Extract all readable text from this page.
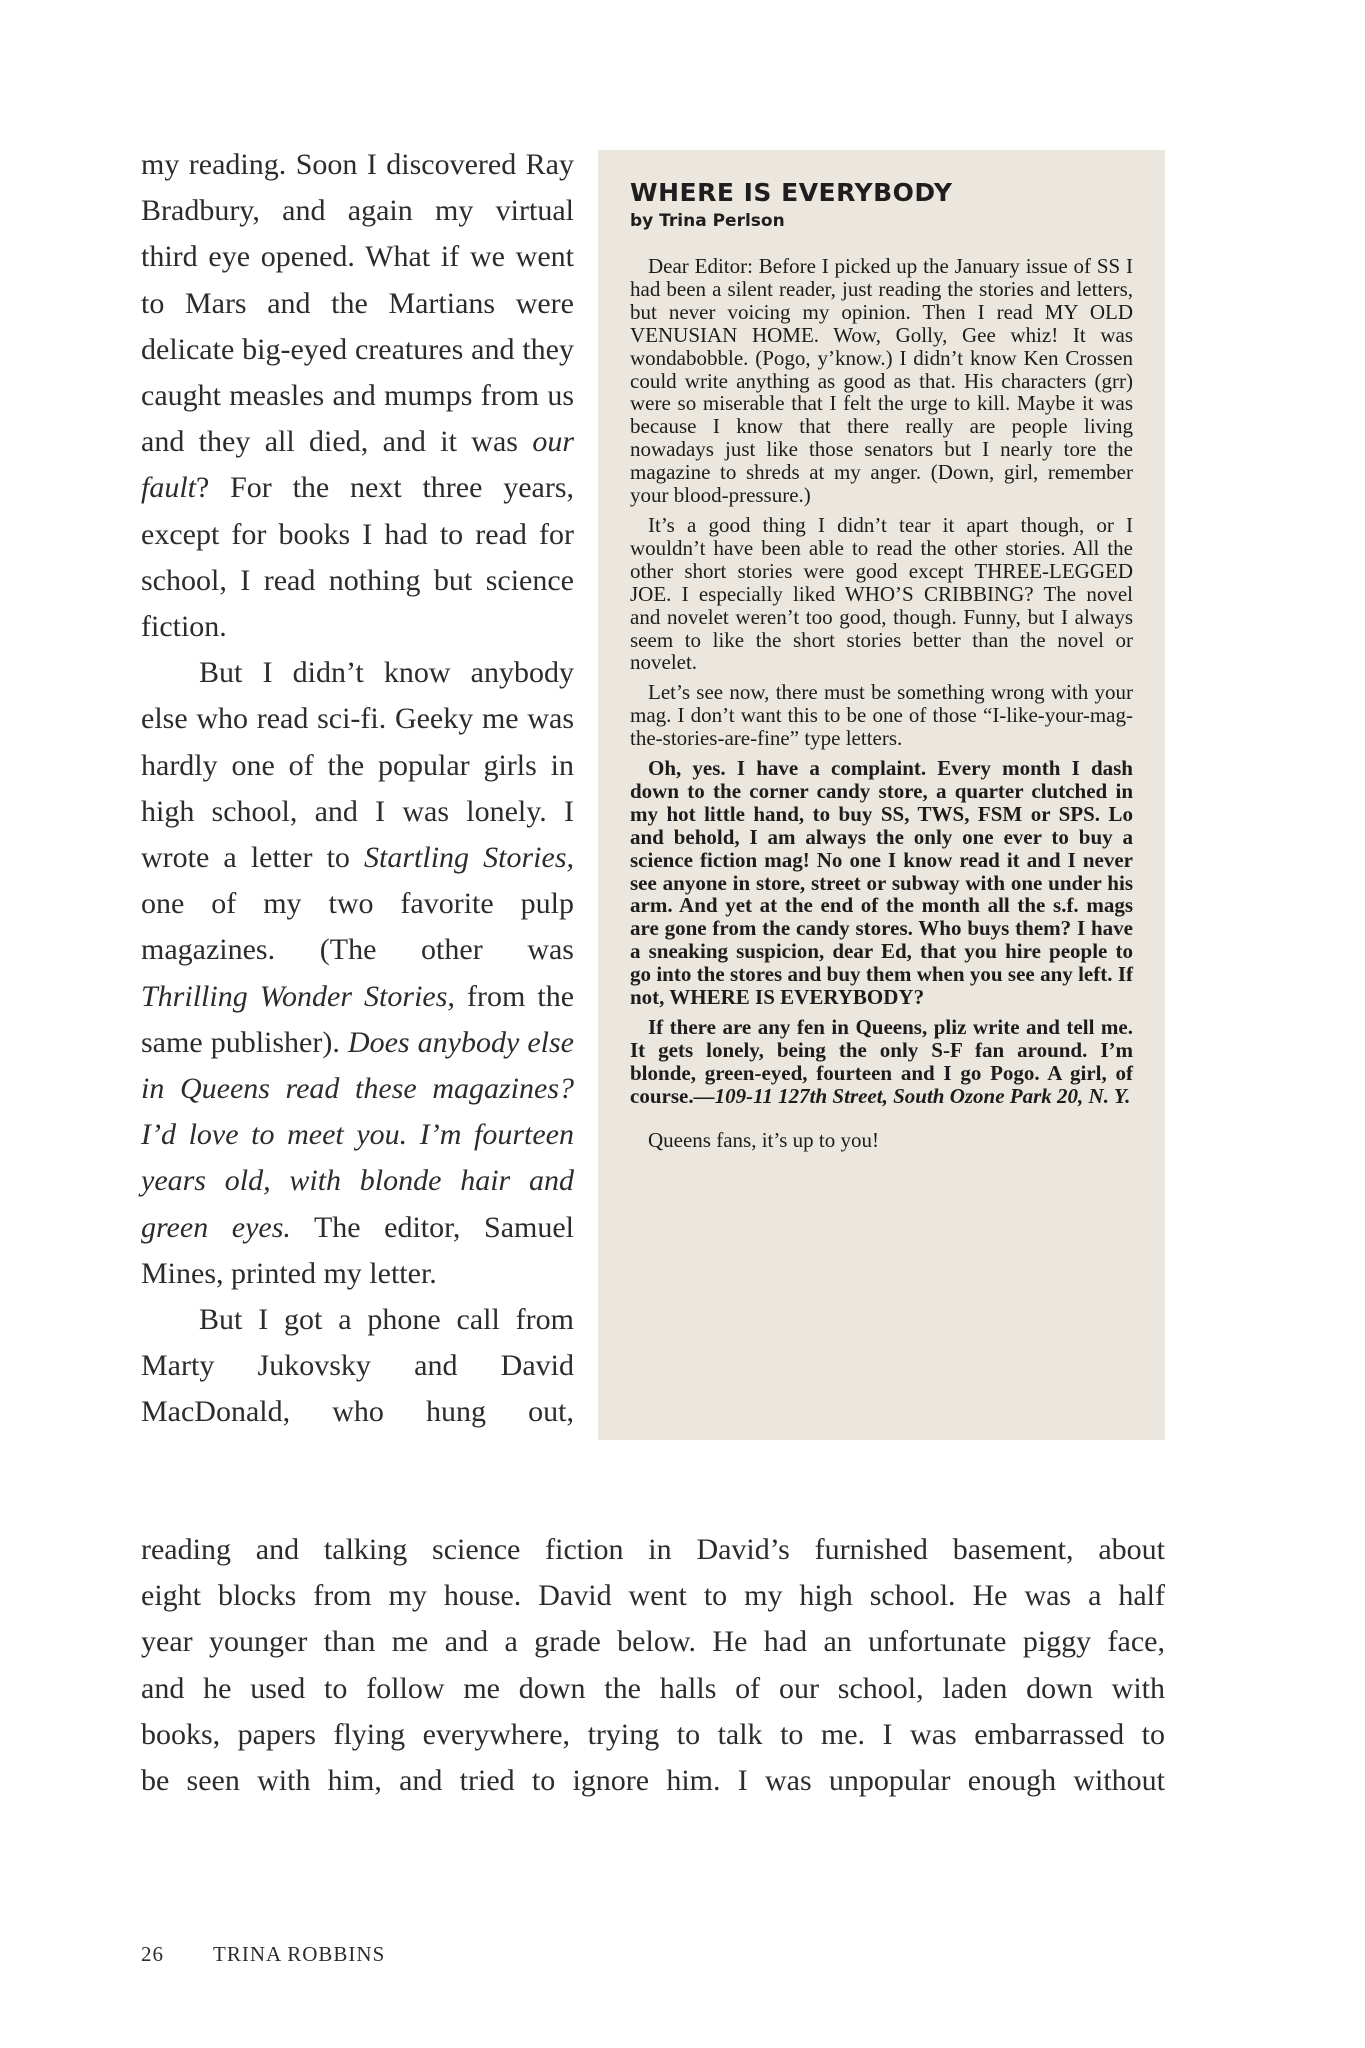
my reading. Soon I discovered Ray Bradbury, and again my virtual third eye opened. What if we went to Mars and the Martians were delicate big-eyed creatures and they caught measles and mumps from us and they all died, and it was our fault? For the next three years, except for books I had to read for school, I read nothing but science fiction.

But I didn’t know anybody else who read sci-fi. Geeky me was hardly one of the popular girls in high school, and I was lonely. I wrote a letter to Startling Stories, one of my two favorite pulp magazines. (The other was Thrilling Wonder Stories, from the same publisher). Does anybody else in Queens read these magazines? I’d love to meet you. I’m fourteen years old, with blonde hair and green eyes. The editor, Samuel Mines, printed my letter.

But I got a phone call from Marty Jukovsky and David MacDonald, who hung out,

WHERE IS EVERYBODY
by Trina Perlson

Dear Editor: Before I picked up the January issue of SS I had been a silent reader, just reading the stories and letters, but never voicing my opinion. Then I read MY OLD VENUSIAN HOME. Wow, Golly, Gee whiz! It was wondabobble. (Pogo, y’know.) I didn’t know Ken Crossen could write anything as good as that. His characters (grr) were so miserable that I felt the urge to kill. Maybe it was because I know that there really are people living nowadays just like those senators but I nearly tore the magazine to shreds at my anger. (Down, girl, remember your blood-pressure.)

It’s a good thing I didn’t tear it apart though, or I wouldn’t have been able to read the other stories. All the other short stories were good except THREE-LEGGED JOE. I especially liked WHO’S CRIBBING? The novel and novelet weren’t too good, though. Funny, but I always seem to like the short stories better than the novel or novelet.

Let’s see now, there must be something wrong with your mag. I don’t want this to be one of those “I-like-your-mag-the-stories-are-fine” type letters.

Oh, yes. I have a complaint. Every month I dash down to the corner candy store, a quarter clutched in my hot little hand, to buy SS, TWS, FSM or SPS. Lo and behold, I am always the only one ever to buy a science fiction mag! No one I know read it and I never see anyone in store, street or subway with one under his arm. And yet at the end of the month all the s.f. mags are gone from the candy stores. Who buys them? I have a sneaking suspicion, dear Ed, that you hire people to go into the stores and buy them when you see any left. If not, WHERE IS EVERYBODY?

If there are any fen in Queens, pliz write and tell me. It gets lonely, being the only S-F fan around. I’m blonde, green-eyed, fourteen and I go Pogo. A girl, of course.—109-11 127th Street, South Ozone Park 20, N. Y.

Queens fans, it’s up to you!

reading and talking science fiction in David’s furnished basement, about
eight blocks from my house. David went to my high school. He was a half
year younger than me and a grade below. He had an unfortunate piggy face,
and he used to follow me down the halls of our school, laden down with
books, papers flying everywhere, trying to talk to me. I was embarrassed to
be seen with him, and tried to ignore him. I was unpopular enough without

26 TRINA ROBBINS
